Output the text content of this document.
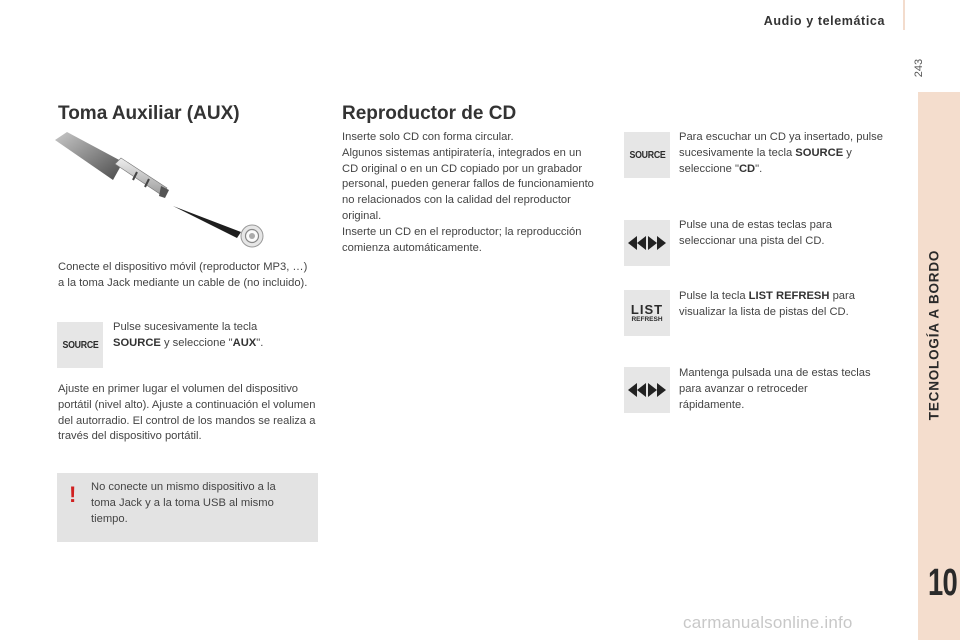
Audio y telemática
243
TECNOLOGÍA A BORDO
10
Toma Auxiliar (AUX)
Conecte el dispositivo móvil (reproductor MP3, …) a la toma Jack mediante un cable de (no incluido).
SOURCE
Pulse sucesivamente la tecla
SOURCE y seleccione "AUX".
Ajuste en primer lugar el volumen del dispositivo portátil (nivel alto). Ajuste a continuación el volumen del autorradio. El control de los mandos se realiza a través del dispositivo portátil.
! No conecte un mismo dispositivo a la toma Jack y a la toma USB al mismo tiempo.
Reproductor de CD
Inserte solo CD con forma circular.
Algunos sistemas antipiratería, integrados en un CD original o en un CD copiado por un grabador personal, pueden generar fallos de funcionamiento no relacionados con la calidad del reproductor original.
Inserte un CD en el reproductor; la reproducción comienza automáticamente.
SOURCE
Para escuchar un CD ya insertado, pulse sucesivamente la tecla SOURCE y seleccione "CD".
Pulse una de estas teclas para seleccionar una pista del CD.
LIST
REFRESH
Pulse la tecla LIST REFRESH para visualizar la lista de pistas del CD.
Mantenga pulsada una de estas teclas para avanzar o retroceder rápidamente.
carmanualsonline.info
